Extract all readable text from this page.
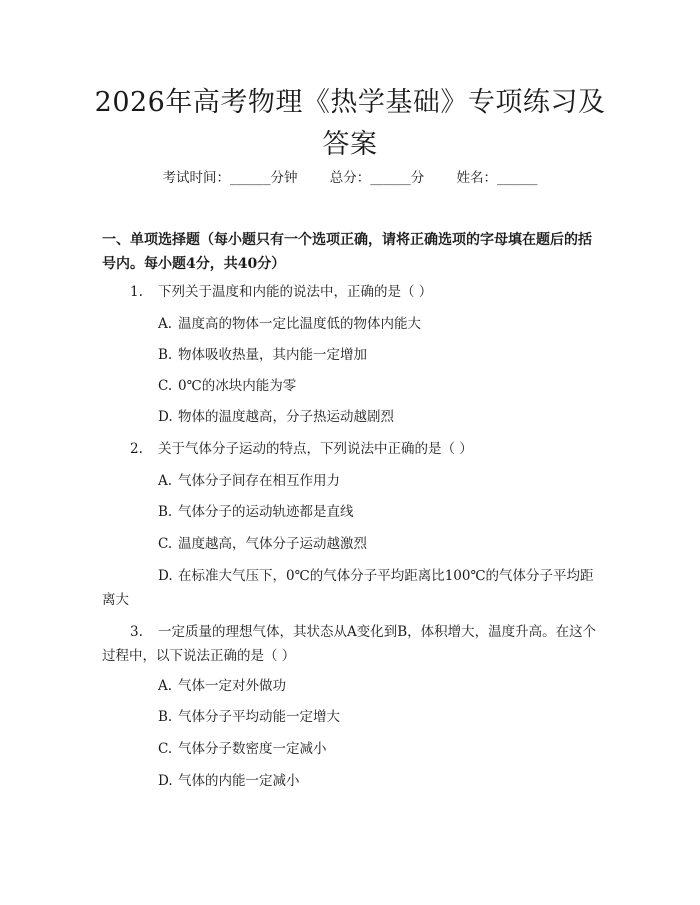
2026年高考物理《热学基础》专项练习及答案
考试时间：______分钟 总分：______分 姓名：______
一、单项选择题（每小题只有一个选项正确，请将正确选项的字母填在题后的括号内。每小题4分，共40分）
1. 下列关于温度和内能的说法中，正确的是（ ）
A. 温度高的物体一定比温度低的物体内能大
B. 物体吸收热量，其内能一定增加
C. 0℃的冰块内能为零
D. 物体的温度越高，分子热运动越剧烈
2. 关于气体分子运动的特点，下列说法中正确的是（ ）
A. 气体分子间存在相互作用力
B. 气体分子的运动轨迹都是直线
C. 温度越高，气体分子运动越激烈
D. 在标准大气压下，0℃的气体分子平均距离比100℃的气体分子平均距离大
3. 一定质量的理想气体，其状态从A变化到B，体积增大，温度升高。在这个过程中，以下说法正确的是（ ）
A. 气体一定对外做功
B. 气体分子平均动能一定增大
C. 气体分子数密度一定减小
D. 气体的内能一定减小
